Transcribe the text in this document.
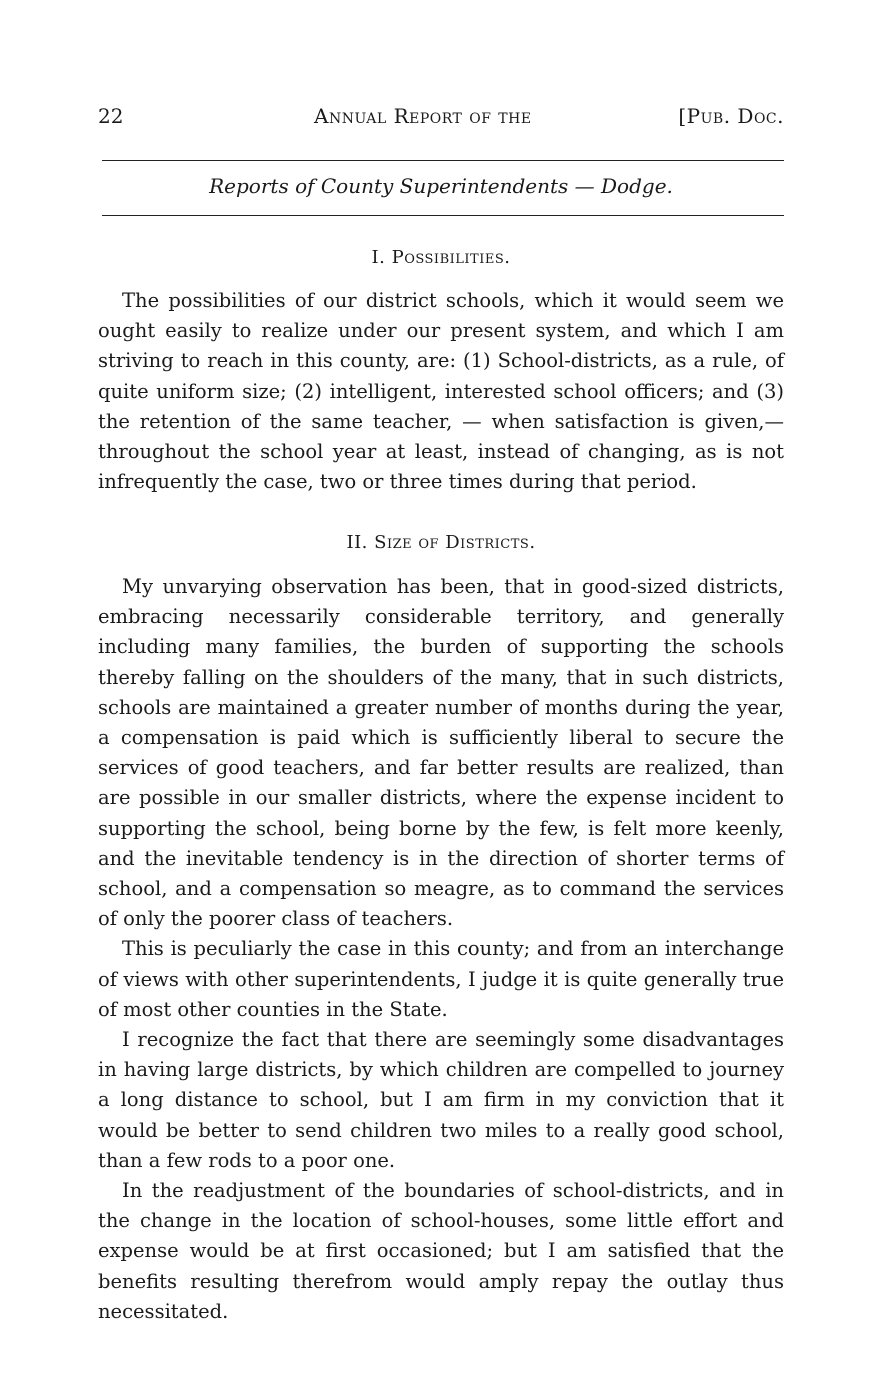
22	Annual Report of the	[Pub. Doc.
Reports of County Superintendents — Dodge.
I. Possibilities.

The possibilities of our district schools, which it would seem we ought easily to realize under our present system, and which I am striving to reach in this county, are: (1) School-districts, as a rule, of quite uniform size; (2) intelligent, interested school officers; and (3) the retention of the same teacher, — when satisfaction is given,— throughout the school year at least, instead of changing, as is not infrequently the case, two or three times during that period.

II. Size of Districts.

My unvarying observation has been, that in good-sized districts, embracing necessarily considerable territory, and generally including many families, the burden of supporting the schools thereby falling on the shoulders of the many, that in such districts, schools are maintained a greater number of months during the year, a compensation is paid which is sufficiently liberal to secure the services of good teachers, and far better results are realized, than are possible in our smaller districts, where the expense incident to supporting the school, being borne by the few, is felt more keenly, and the inevitable tendency is in the direction of shorter terms of school, and a compensation so meagre, as to command the services of only the poorer class of teachers.

This is peculiarly the case in this county; and from an interchange of views with other superintendents, I judge it is quite generally true of most other counties in the State.

I recognize the fact that there are seemingly some disadvantages in having large districts, by which children are compelled to journey a long distance to school, but I am firm in my conviction that it would be better to send children two miles to a really good school, than a few rods to a poor one.

In the readjustment of the boundaries of school-districts, and in the change in the location of school-houses, some little effort and expense would be at first occasioned; but I am satisfied that the benefits resulting therefrom would amply repay the outlay thus necessitated.
